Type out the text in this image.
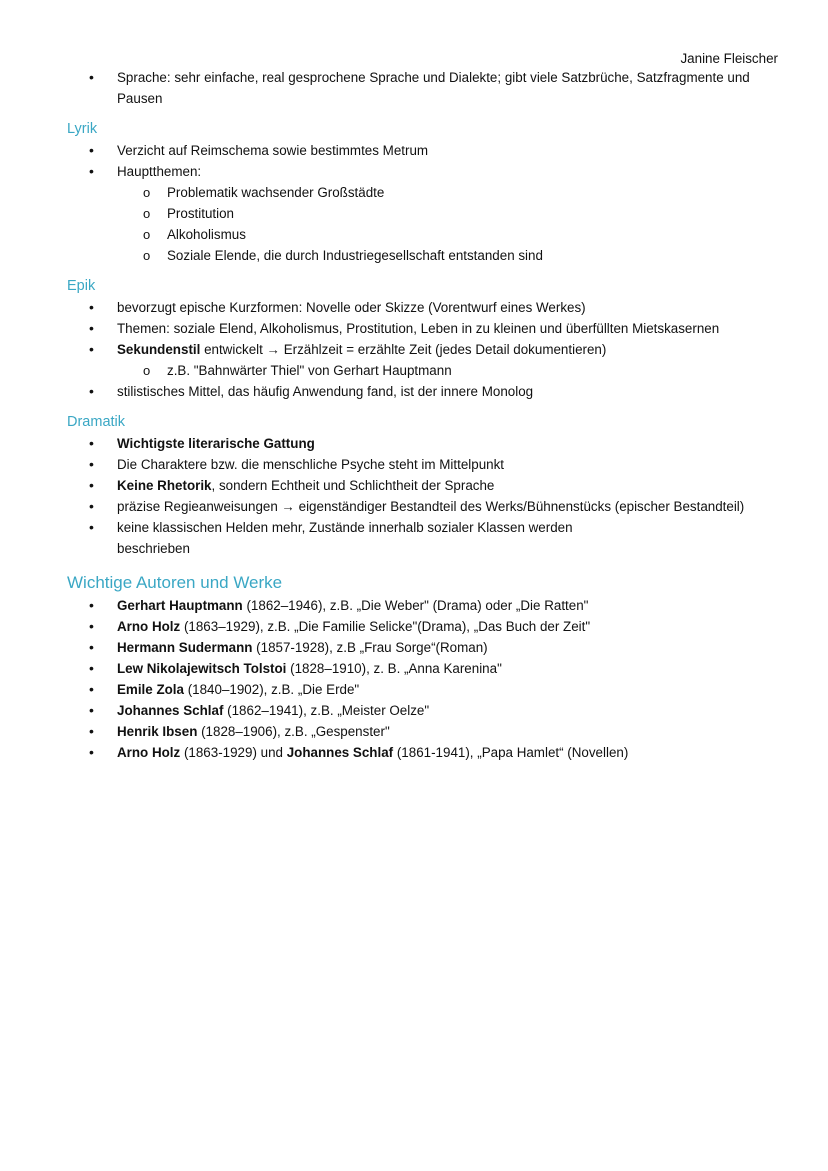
Janine Fleischer
• Sprache: sehr einfache, real gesprochene Sprache und Dialekte; gibt viele Satzbrüche, Satzfragmente und Pausen
Lyrik
• Verzicht auf Reimschema sowie bestimmtes Metrum
• Hauptthemen:
o Problematik wachsender Großstädte
o Prostitution
o Alkoholismus
o Soziale Elende, die durch Industriegesellschaft entstanden sind
Epik
• bevorzugt epische Kurzformen: Novelle oder Skizze (Vorentwurf eines Werkes)
• Themen: soziale Elend, Alkoholismus, Prostitution, Leben in zu kleinen und überfüllten Mietskasernen
• Sekundenstil entwickelt → Erzählzeit = erzählte Zeit (jedes Detail dokumentieren)
o z.B. "Bahnwärter Thiel" von Gerhart Hauptmann
• stilistisches Mittel, das häufig Anwendung fand, ist der innere Monolog
Dramatik
• Wichtigste literarische Gattung
• Die Charaktere bzw. die menschliche Psyche steht im Mittelpunkt
• Keine Rhetorik, sondern Echtheit und Schlichtheit der Sprache
• präzise Regieanweisungen → eigenständiger Bestandteil des Werks/Bühnenstücks (epischer Bestandteil)
• keine klassischen Helden mehr, Zustände innerhalb sozialer Klassen werden
beschrieben
Wichtige Autoren und Werke
• Gerhart Hauptmann (1862–1946), z.B. „Die Weber" (Drama) oder „Die Ratten"
• Arno Holz (1863–1929), z.B. „Die Familie Selicke"(Drama), „Das Buch der Zeit"
• Hermann Sudermann (1857-1928), z.B „Frau Sorge“(Roman)
• Lew Nikolajewitsch Tolstoi (1828–1910), z. B. „Anna Karenina"
• Emile Zola (1840–1902), z.B. „Die Erde"
• Johannes Schlaf (1862–1941), z.B. „Meister Oelze"
• Henrik Ibsen (1828–1906), z.B. „Gespenster"
• Arno Holz (1863-1929) und Johannes Schlaf (1861-1941), „Papa Hamlet“ (Novellen)
